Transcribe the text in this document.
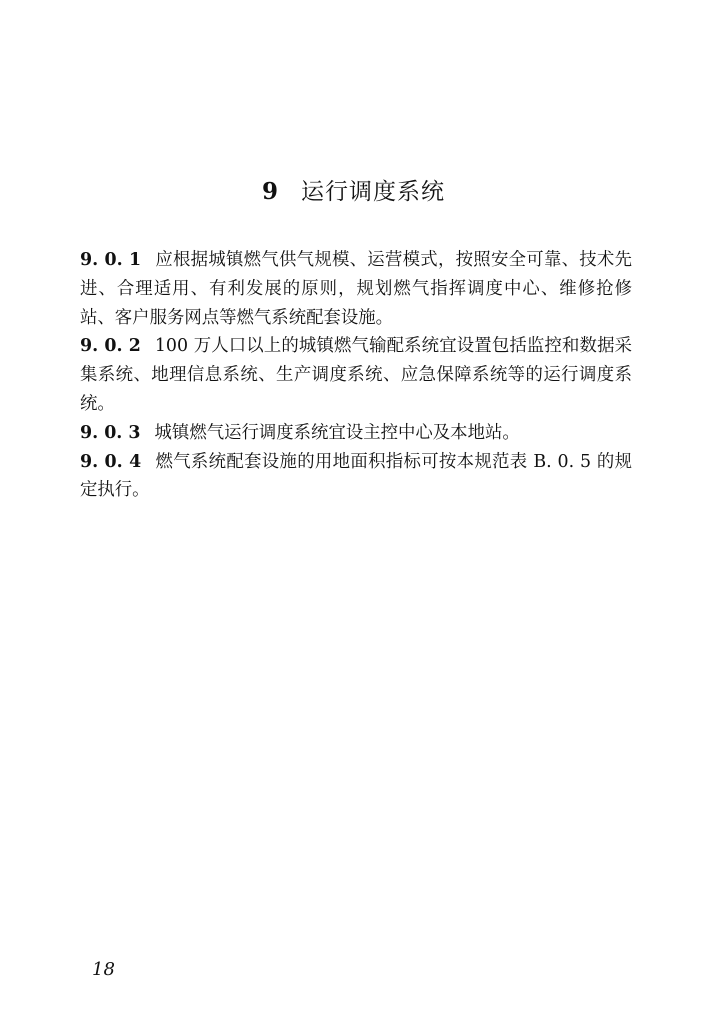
9 运行调度系统

9. 0. 1 应根据城镇燃气供气规模、运营模式，按照安全可靠、技术先进、合理适用、有利发展的原则，规划燃气指挥调度中心、维修抢修站、客户服务网点等燃气系统配套设施。

9. 0. 2 100 万人口以上的城镇燃气输配系统宜设置包括监控和数据采集系统、地理信息系统、生产调度系统、应急保障系统等的运行调度系统。

9. 0. 3 城镇燃气运行调度系统宜设主控中心及本地站。

9. 0. 4 燃气系统配套设施的用地面积指标可按本规范表 B. 0. 5 的规定执行。

18
